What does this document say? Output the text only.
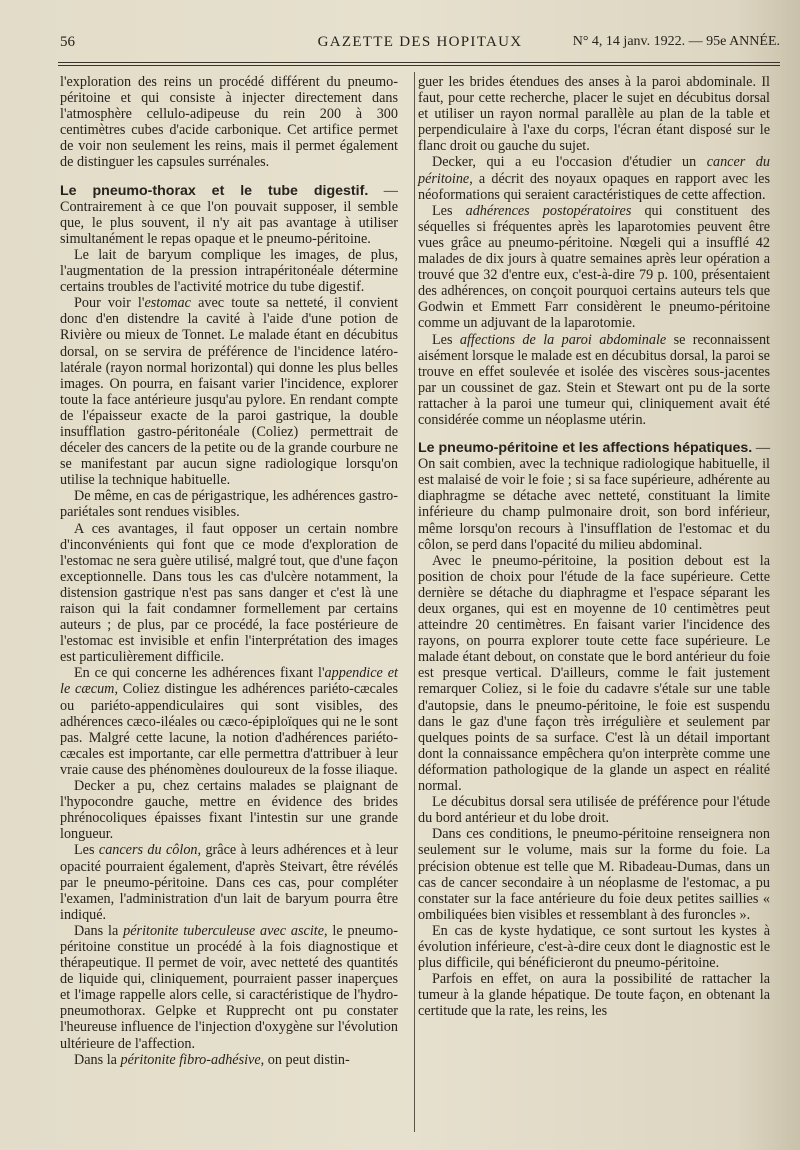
56	GAZETTE DES HOPITAUX	N° 4, 14 janv. 1922. — 95e ANNÉE.

l'exploration des reins un procédé différent du pneumo-péritoine et qui consiste à injecter directement dans l'atmosphère cellulo-adipeuse du rein 200 à 300 centimètres cubes d'acide carbonique. Cet artifice permet de voir non seulement les reins, mais il permet également de distinguer les capsules surrénales.

Le pneumo-thorax et le tube digestif. — Contrairement à ce que l'on pouvait supposer, il semble que, le plus souvent, il n'y ait pas avantage à utiliser simultanément le repas opaque et le pneumo-péritoine.

Le lait de baryum complique les images, de plus, l'augmentation de la pression intrapéritonéale détermine certains troubles de l'activité motrice du tube digestif.

Pour voir l'estomac avec toute sa netteté, il convient donc d'en distendre la cavité à l'aide d'une potion de Rivière ou mieux de Tonnet. Le malade étant en décubitus dorsal, on se servira de préférence de l'incidence latéro-latérale (rayon normal horizontal) qui donne les plus belles images. On pourra, en faisant varier l'incidence, explorer toute la face antérieure jusqu'au pylore. En rendant compte de l'épaisseur exacte de la paroi gastrique, la double insufflation gastro-péritonéale (Coliez) permettrait de déceler des cancers de la petite ou de la grande courbure ne se manifestant par aucun signe radiologique lorsqu'on utilise la technique habituelle.

De même, en cas de périgastrique, les adhérences gastro-pariétales sont rendues visibles.

A ces avantages, il faut opposer un certain nombre d'inconvénients qui font que ce mode d'exploration de l'estomac ne sera guère utilisé, malgré tout, que d'une façon exceptionnelle. Dans tous les cas d'ulcère notamment, la distension gastrique n'est pas sans danger et c'est là une raison qui la fait condamner formellement par certains auteurs ; de plus, par ce procédé, la face postérieure de l'estomac est invisible et enfin l'interprétation des images est particulièrement difficile.

En ce qui concerne les adhérences fixant l'appendice et le cæcum, Coliez distingue les adhérences pariéto-cæcales ou pariéto-appendiculaires qui sont visibles, des adhérences cæco-iléales ou cæco-épiploïques qui ne le sont pas. Malgré cette lacune, la notion d'adhérences pariéto-cæcales est importante, car elle permettra d'attribuer à leur vraie cause des phénomènes douloureux de la fosse iliaque.

Decker a pu, chez certains malades se plaignant de l'hypocondre gauche, mettre en évidence des brides phrénocoliques épaisses fixant l'intestin sur une grande longueur.

Les cancers du côlon, grâce à leurs adhérences et à leur opacité pourraient également, d'après Steivart, être révélés par le pneumo-péritoine. Dans ces cas, pour compléter l'examen, l'administration d'un lait de baryum pourra être indiqué.

Dans la péritonite tuberculeuse avec ascite, le pneumo-péritoine constitue un procédé à la fois diagnostique et thérapeutique. Il permet de voir, avec netteté des quantités de liquide qui, cliniquement, pourraient passer inaperçues et l'image rappelle alors celle, si caractéristique de l'hydro-pneumothorax. Gelpke et Rupprecht ont pu constater l'heureuse influence de l'injection d'oxygène sur l'évolution ultérieure de l'affection.

Dans la péritonite fibro-adhésive, on peut distin-

guer les brides étendues des anses à la paroi abdominale. Il faut, pour cette recherche, placer le sujet en décubitus dorsal et utiliser un rayon normal parallèle au plan de la table et perpendiculaire à l'axe du corps, l'écran étant disposé sur le flanc droit ou gauche du sujet.

Decker, qui a eu l'occasion d'étudier un cancer du péritoine, a décrit des noyaux opaques en rapport avec les néoformations qui seraient caractéristiques de cette affection.

Les adhérences postopératoires qui constituent des séquelles si fréquentes après les laparotomies peuvent être vues grâce au pneumo-péritoine. Nœgeli qui a insufflé 42 malades de dix jours à quatre semaines après leur opération a trouvé que 32 d'entre eux, c'est-à-dire 79 p. 100, présentaient des adhérences, on conçoit pourquoi certains auteurs tels que Godwin et Emmett Farr considèrent le pneumo-péritoine comme un adjuvant de la laparotomie.

Les affections de la paroi abdominale se reconnaissent aisément lorsque le malade est en décubitus dorsal, la paroi se trouve en effet soulevée et isolée des viscères sous-jacentes par un coussinet de gaz. Stein et Stewart ont pu de la sorte rattacher à la paroi une tumeur qui, cliniquement avait été considérée comme un néoplasme utérin.

Le pneumo-péritoine et les affections hépatiques. — On sait combien, avec la technique radiologique habituelle, il est malaisé de voir le foie ; si sa face supérieure, adhérente au diaphragme se détache avec netteté, constituant la limite inférieure du champ pulmonaire droit, son bord inférieur, même lorsqu'on recours à l'insufflation de l'estomac et du côlon, se perd dans l'opacité du milieu abdominal.

Avec le pneumo-péritoine, la position debout est la position de choix pour l'étude de la face supérieure. Cette dernière se détache du diaphragme et l'espace séparant les deux organes, qui est en moyenne de 10 centimètres peut atteindre 20 centimètres. En faisant varier l'incidence des rayons, on pourra explorer toute cette face supérieure. Le malade étant debout, on constate que le bord antérieur du foie est presque vertical. D'ailleurs, comme le fait justement remarquer Coliez, si le foie du cadavre s'étale sur une table d'autopsie, dans le pneumo-péritoine, le foie est suspendu dans le gaz d'une façon très irrégulière et seulement par quelques points de sa surface. C'est là un détail important dont la connaissance empêchera qu'on interprète comme une déformation pathologique de la glande un aspect en réalité normal.

Le décubitus dorsal sera utilisée de préférence pour l'étude du bord antérieur et du lobe droit.

Dans ces conditions, le pneumo-péritoine renseignera non seulement sur le volume, mais sur la forme du foie. La précision obtenue est telle que M. Ribadeau-Dumas, dans un cas de cancer secondaire à un néoplasme de l'estomac, a pu constater sur la face antérieure du foie deux petites saillies « ombiliquées bien visibles et ressemblant à des furoncles ».

En cas de kyste hydatique, ce sont surtout les kystes à évolution inférieure, c'est-à-dire ceux dont le diagnostic est le plus difficile, qui bénéficieront du pneumo-péritoine.

Parfois en effet, on aura la possibilité de rattacher la tumeur à la glande hépatique. De toute façon, en obtenant la certitude que la rate, les reins, les
